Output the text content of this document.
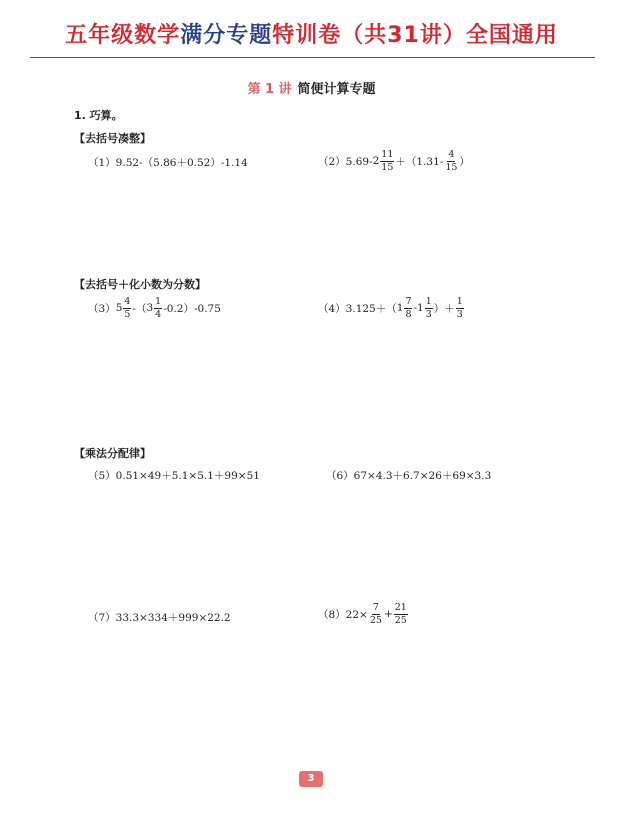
五年级数学满分专题特训卷（共31讲）全国通用
第 1 讲 简便计算专题
1. 巧算。
【去括号凑整】
（1）9.52-（5.86＋0.52）-1.14	（2）5.69- $2 \frac{11}{15} +(1.31- \frac{4}{15}$ ）
【去括号＋化小数为分数】
（3） $5 \frac{4}{5}$ -（ $3 \frac{1}{4} -0.2)-0.75$	（4）3.125＋（ $1 \frac{7}{8} - 1 \frac{1}{3}$ ）＋ $\frac{1}{3}$
【乘法分配律】
（5）0.51×49＋5.1×5.1＋99×51	（6）67×4.3＋6.7×26＋69×3.3
（7）33.3×334＋999×22.2	$(8)22\times \frac{7}{25} + \frac{21}{25}$
3
